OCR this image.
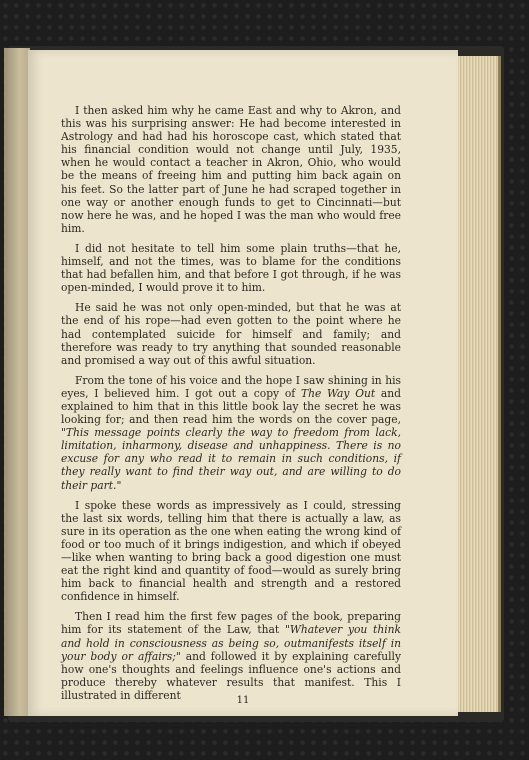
11

I then asked him why he came East and why to Akron, and this was his surprising answer: He had become interested in Astrology and had had his horoscope cast, which stated that his financial condition would not change until July, 1935, when he would contact a teacher in Akron, Ohio, who would be the means of freeing him and putting him back again on his feet. So the latter part of June he had scraped together in one way or another enough funds to get to Cincinnati—but now here he was, and he hoped I was the man who would free him.

I did not hesitate to tell him some plain truths—that he, himself, and not the times, was to blame for the conditions that had befallen him, and that before I got through, if he was open-minded, I would prove it to him.

He said he was not only open-minded, but that he was at the end of his rope—had even gotten to the point where he had contemplated suicide for himself and family; and therefore was ready to try anything that sounded reasonable and promised a way out of this awful situation.

From the tone of his voice and the hope I saw shining in his eyes, I believed him. I got out a copy of The Way Out and explained to him that in this little book lay the secret he was looking for; and then read him the words on the cover page, "This message points clearly the way to freedom from lack, limitation, inharmony, disease and unhappiness. There is no excuse for any who read it to remain in such conditions, if they really want to find their way out, and are willing to do their part."

I spoke these words as impressively as I could, stressing the last six words, telling him that there is actually a law, as sure in its operation as the one when eating the wrong kind of food or too much of it brings indigestion, and which if obeyed—like when wanting to bring back a good digestion one must eat the right kind and quantity of food—would as surely bring him back to financial health and strength and a restored confidence in himself.

Then I read him the first few pages of the book, preparing him for its statement of the Law, that "Whatever you think and hold in consciousness as being so, outmanifests itself in your body or affairs;" and followed it by explaining carefully how one's thoughts and feelings influence one's actions and produce thereby whatever results that manifest. This I illustrated in different
